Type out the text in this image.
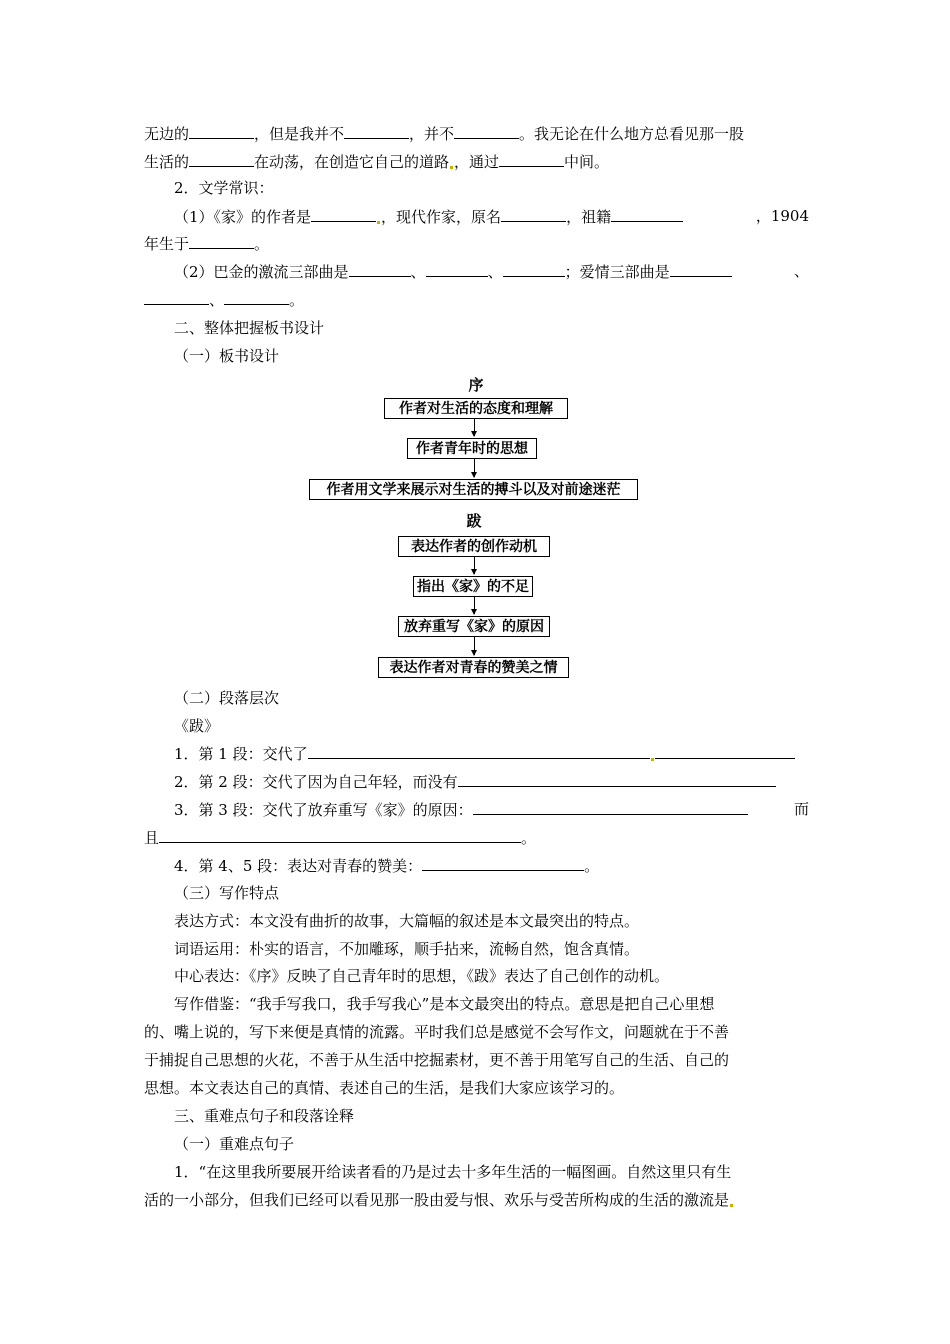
无边的	，但是我并不	，并不	。我无论在什么地方总看见那一股
生活的	在动荡，在创造它自己的道路 ，通过	中间。
2．文学常识：
（1）《家》的作者是	，现代作家，原名	，祖籍	，1904
年生于	。
（2）巴金的激流三部曲是	、	、	；爱情三部曲是	、
、	。
二、整体把握板书设计
（一）板书设计
序
作者对生活的态度和理解
作者青年时的思想
作者用文学来展示对生活的搏斗以及对前途迷茫
跋
表达作者的创作动机
指出《家》的不足
放弃重写《家》的原因
表达作者对青春的赞美之情
（二）段落层次
《跋》
1．第 1 段：交代了
2．第 2 段：交代了因为自己年轻，而没有
3．第 3 段：交代了放弃重写《家》的原因：	而
且	。
4．第 4、5 段：表达对青春的赞美：	。
（三）写作特点
表达方式：本文没有曲折的故事，大篇幅的叙述是本文最突出的特点。
词语运用：朴实的语言，不加雕琢，顺手拈来，流畅自然，饱含真情。
中心表达：《序》反映了自己青年时的思想，《跋》表达了自己创作的动机。
写作借鉴：“我手写我口，我手写我心”是本文最突出的特点。意思是把自己心里想
的、嘴上说的，写下来便是真情的流露。平时我们总是感觉不会写作文，问题就在于不善
于捕捉自己思想的火花，不善于从生活中挖掘素材，更不善于用笔写自己的生活、自己的
思想。本文表达自己的真情、表述自己的生活，是我们大家应该学习的。
三、重难点句子和段落诠释
（一）重难点句子
1．“在这里我所要展开给读者看的乃是过去十多年生活的一幅图画。自然这里只有生
活的一小部分，但我们已经可以看见那一股由爱与恨、欢乐与受苦所构成的生活的激流是
